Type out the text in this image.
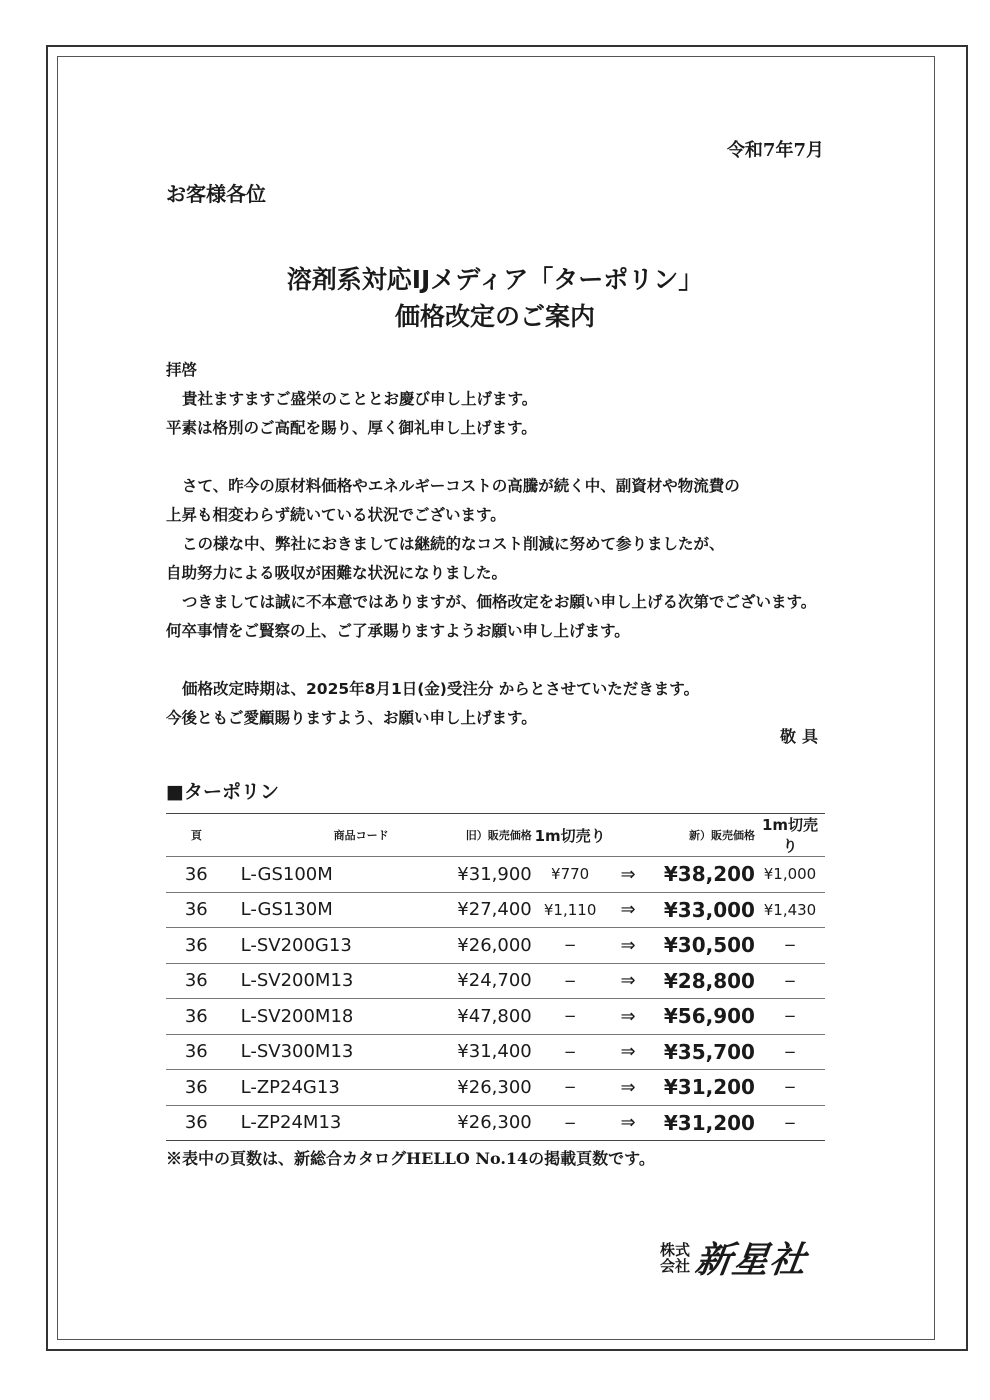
令和7年7月
お客様各位
溶剤系対応IJメディア「ターポリン」
価格改定のご案内
拝啓
貴社ますますご盛栄のこととお慶び申し上げます。
平素は格別のご高配を賜り、厚く御礼申し上げます。
さて、昨今の原材料価格やエネルギーコストの高騰が続く中、副資材や物流費の
上昇も相変わらず続いている状況でございます。
この様な中、弊社におきましては継続的なコスト削減に努めて参りましたが、
自助努力による吸収が困難な状況になりました。
つきましては誠に不本意ではありますが、価格改定をお願い申し上げる次第でございます。
何卒事情をご賢察の上、ご了承賜りますようお願い申し上げます。
価格改定時期は、2025年8月1日(金)受注分 からとさせていただきます。
今後ともご愛顧賜りますよう、お願い申し上げます。
敬具
■ターポリン
頁	商品コード	旧）販売価格	1m切売り		新）販売価格	1m切売り
36	L-GS100M	¥31,900	¥770	⇒	¥38,200	¥1,000
36	L-GS130M	¥27,400	¥1,110	⇒	¥33,000	¥1,430
36	L-SV200G13	¥26,000	−	⇒	¥30,500	−
36	L-SV200M13	¥24,700	−	⇒	¥28,800	−
36	L-SV200M18	¥47,800	−	⇒	¥56,900	−
36	L-SV300M13	¥31,400	−	⇒	¥35,700	−
36	L-ZP24G13	¥26,300	−	⇒	¥31,200	−
36	L-ZP24M13	¥26,300	−	⇒	¥31,200	−
※表中の頁数は、新総合カタログHELLO No.14の掲載頁数です。
株式
会社 新星社
